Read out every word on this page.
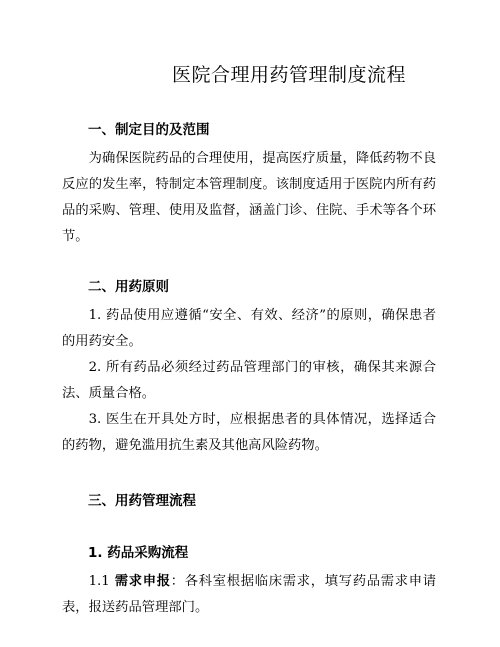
医院合理用药管理制度流程
一、制定目的及范围

为确保医院药品的合理使用，提高医疗质量，降低药物不良反应的发生率，特制定本管理制度。该制度适用于医院内所有药品的采购、管理、使用及监督，涵盖门诊、住院、手术等各个环节。

二、用药原则

1. 药品使用应遵循“安全、有效、经济”的原则，确保患者的用药安全。

2. 所有药品必须经过药品管理部门的审核，确保其来源合法、质量合格。

3. 医生在开具处方时，应根据患者的具体情况，选择适合的药物，避免滥用抗生素及其他高风险药物。

三、用药管理流程
1. 药品采购流程

1.1 需求申报：各科室根据临床需求，填写药品需求申请表，报送药品管理部门。
